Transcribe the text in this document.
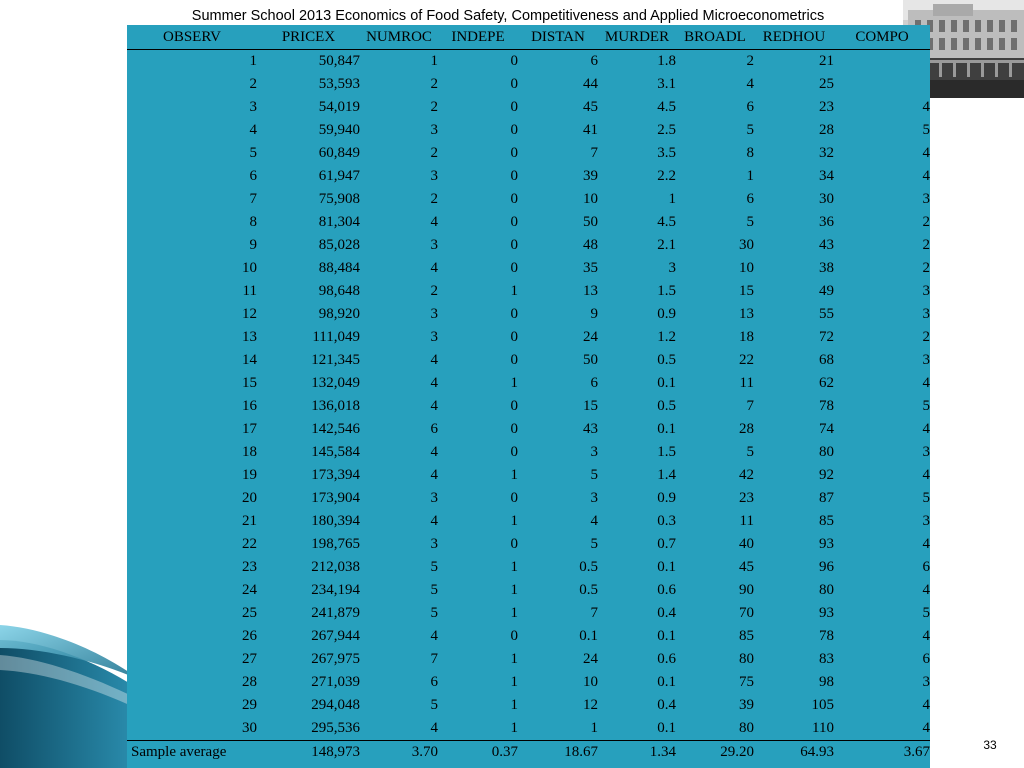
Summer School 2013 Economics of Food Safety, Competitiveness and Applied Microeconometrics
OBSERV	PRICEX	NUMROC	INDEPE	DISTAN	MURDER	BROADL	REDHOU	COMPO
1	50,847	1	0	6	1.8	2	21	
2	53,593	2	0	44	3.1	4	25	
3	54,019	2	0	45	4.5	6	23	4
4	59,940	3	0	41	2.5	5	28	5
5	60,849	2	0	7	3.5	8	32	4
6	61,947	3	0	39	2.2	1	34	4
7	75,908	2	0	10	1	6	30	3
8	81,304	4	0	50	4.5	5	36	2
9	85,028	3	0	48	2.1	30	43	2
10	88,484	4	0	35	3	10	38	2
11	98,648	2	1	13	1.5	15	49	3
12	98,920	3	0	9	0.9	13	55	3
13	111,049	3	0	24	1.2	18	72	2
14	121,345	4	0	50	0.5	22	68	3
15	132,049	4	1	6	0.1	11	62	4
16	136,018	4	0	15	0.5	7	78	5
17	142,546	6	0	43	0.1	28	74	4
18	145,584	4	0	3	1.5	5	80	3
19	173,394	4	1	5	1.4	42	92	4
20	173,904	3	0	3	0.9	23	87	5
21	180,394	4	1	4	0.3	11	85	3
22	198,765	3	0	5	0.7	40	93	4
23	212,038	5	1	0.5	0.1	45	96	6
24	234,194	5	1	0.5	0.6	90	80	4
25	241,879	5	1	7	0.4	70	93	5
26	267,944	4	0	0.1	0.1	85	78	4
27	267,975	7	1	24	0.6	80	83	6
28	271,039	6	1	10	0.1	75	98	3
29	294,048	5	1	12	0.4	39	105	4
30	295,536	4	1	1	0.1	80	110	4
Sample average	148,973	3.70	0.37	18.67	1.34	29.20	64.93	3.67	33
